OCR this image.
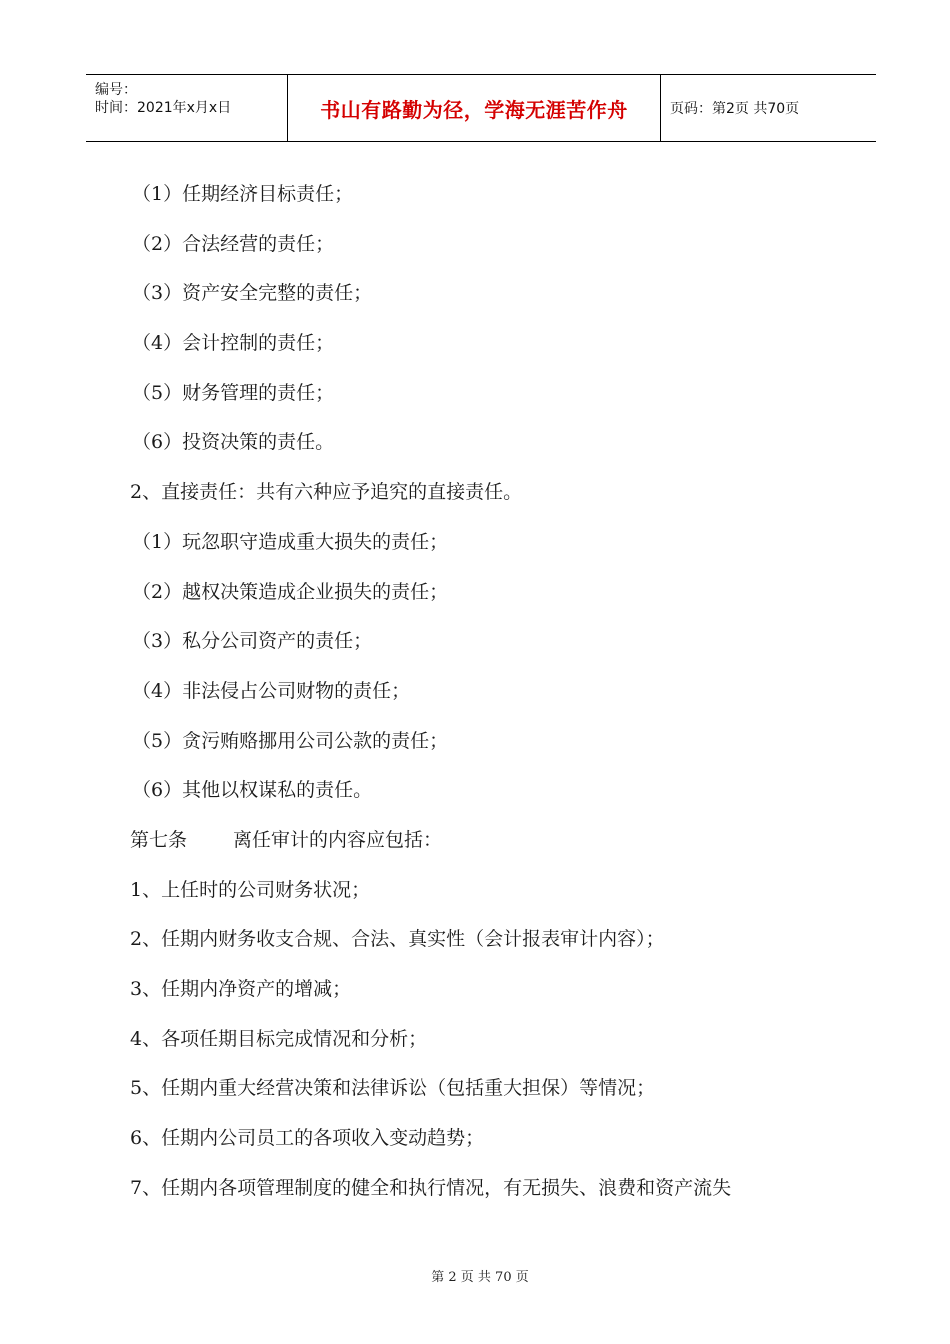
编号：
时间：2021年x月x日	书山有路勤为径，学海无涯苦作舟	页码：第2页 共70页
（1）任期经济目标责任；
（2）合法经营的责任；
（3）资产安全完整的责任；
（4）会计控制的责任；
（5）财务管理的责任；
（6）投资决策的责任。
2、直接责任：共有六种应予追究的直接责任。
（1）玩忽职守造成重大损失的责任；
（2）越权决策造成企业损失的责任；
（3）私分公司资产的责任；
（4）非法侵占公司财物的责任；
（5）贪污贿赂挪用公司公款的责任；
（6）其他以权谋私的责任。
第七条 离任审计的内容应包括：
1、上任时的公司财务状况；
2、任期内财务收支合规、合法、真实性（会计报表审计内容）；
3、任期内净资产的增减；
4、各项任期目标完成情况和分析；
5、任期内重大经营决策和法律诉讼（包括重大担保）等情况；
6、任期内公司员工的各项收入变动趋势；
7、任期内各项管理制度的健全和执行情况，有无损失、浪费和资产流失
第 2 页 共 70 页
